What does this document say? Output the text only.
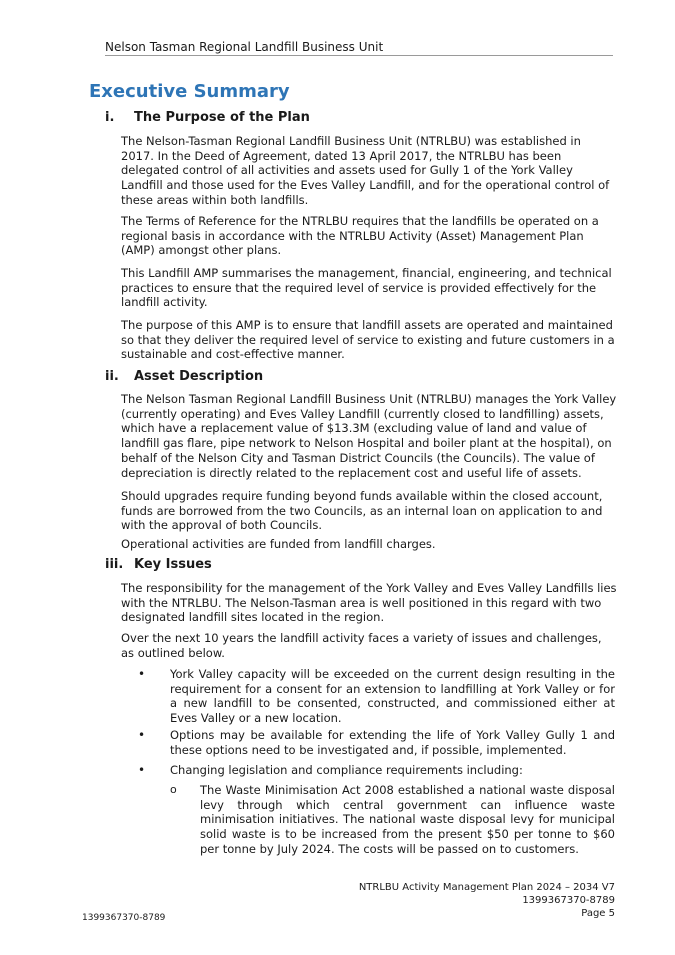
Nelson Tasman Regional Landfill Business Unit
Executive Summary
i. The Purpose of the Plan

The Nelson-Tasman Regional Landfill Business Unit (NTRLBU) was established in 2017. In the Deed of Agreement, dated 13 April 2017, the NTRLBU has been delegated control of all activities and assets used for Gully 1 of the York Valley Landfill and those used for the Eves Valley Landfill, and for the operational control of these areas within both landfills.

The Terms of Reference for the NTRLBU requires that the landfills be operated on a regional basis in accordance with the NTRLBU Activity (Asset) Management Plan (AMP) amongst other plans.

This Landfill AMP summarises the management, financial, engineering, and technical practices to ensure that the required level of service is provided effectively for the landfill activity.

The purpose of this AMP is to ensure that landfill assets are operated and maintained so that they deliver the required level of service to existing and future customers in a sustainable and cost-effective manner.

ii. Asset Description

The Nelson Tasman Regional Landfill Business Unit (NTRLBU) manages the York Valley (currently operating) and Eves Valley Landfill (currently closed to landfilling) assets, which have a replacement value of $13.3M (excluding value of land and value of landfill gas flare, pipe network to Nelson Hospital and boiler plant at the hospital), on behalf of the Nelson City and Tasman District Councils (the Councils). The value of depreciation is directly related to the replacement cost and useful life of assets.

Should upgrades require funding beyond funds available within the closed account, funds are borrowed from the two Councils, as an internal loan on application to and with the approval of both Councils.

Operational activities are funded from landfill charges.

iii. Key Issues

The responsibility for the management of the York Valley and Eves Valley Landfills lies with the NTRLBU. The Nelson-Tasman area is well positioned in this regard with two designated landfill sites located in the region.

Over the next 10 years the landfill activity faces a variety of issues and challenges, as outlined below.

• York Valley capacity will be exceeded on the current design resulting in the requirement for a consent for an extension to landfilling at York Valley or for a new landfill to be consented, constructed, and commissioned either at Eves Valley or a new location.

• Options may be available for extending the life of York Valley Gully 1 and these options need to be investigated and, if possible, implemented.

• Changing legislation and compliance requirements including:

o The Waste Minimisation Act 2008 established a national waste disposal levy through which central government can influence waste minimisation initiatives. The national waste disposal levy for municipal solid waste is to be increased from the present $50 per tonne to $60 per tonne by July 2024. The costs will be passed on to customers.

NTRLBU Activity Management Plan 2024 – 2034 V7
1399367370-8789
Page 5
1399367370-8789
